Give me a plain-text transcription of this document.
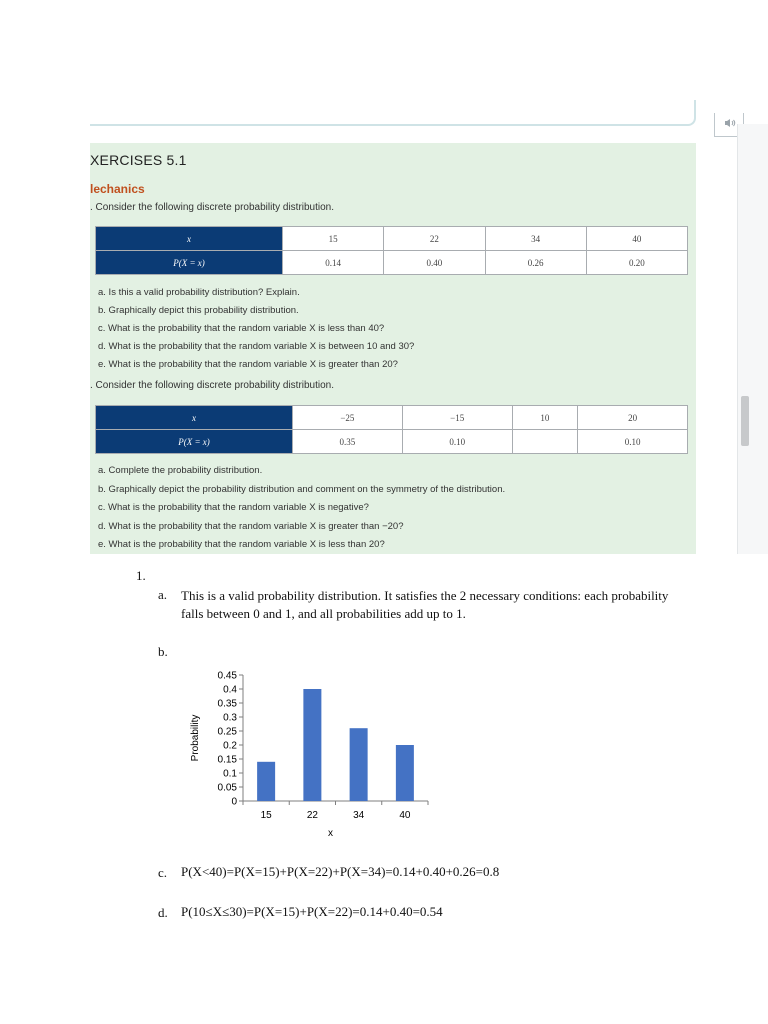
XERCISES 5.1
lechanics
. Consider the following discrete probability distribution.
x	15	22	34	40
P(X = x)	0.14	0.40	0.26	0.20
a. Is this a valid probability distribution? Explain.
b. Graphically depict this probability distribution.
c. What is the probability that the random variable X is less than 40?
d. What is the probability that the random variable X is between 10 and 30?
e. What is the probability that the random variable X is greater than 20?
. Consider the following discrete probability distribution.
x	−25	−15	10	20
P(X = x)	0.35	0.10		0.10
a. Complete the probability distribution.
b. Graphically depict the probability distribution and comment on the symmetry of the distribution.
c. What is the probability that the random variable X is negative?
d. What is the probability that the random variable X is greater than −20?
e. What is the probability that the random variable X is less than 20?
1.
a. This is a valid probability distribution. It satisfies the 2 necessary conditions: each probability falls between 0 and 1, and all probabilities add up to 1.
b.
0
0.05
0.1
0.15
0.2
0.25
0.3
0.35
0.4
0.45
15	22	34	40
x
Probability
c. P(X<40)=P(X=15)+P(X=22)+P(X=34)=0.14+0.40+0.26=0.8
d. P(10≤X≤30)=P(X=15)+P(X=22)=0.14+0.40=0.54
